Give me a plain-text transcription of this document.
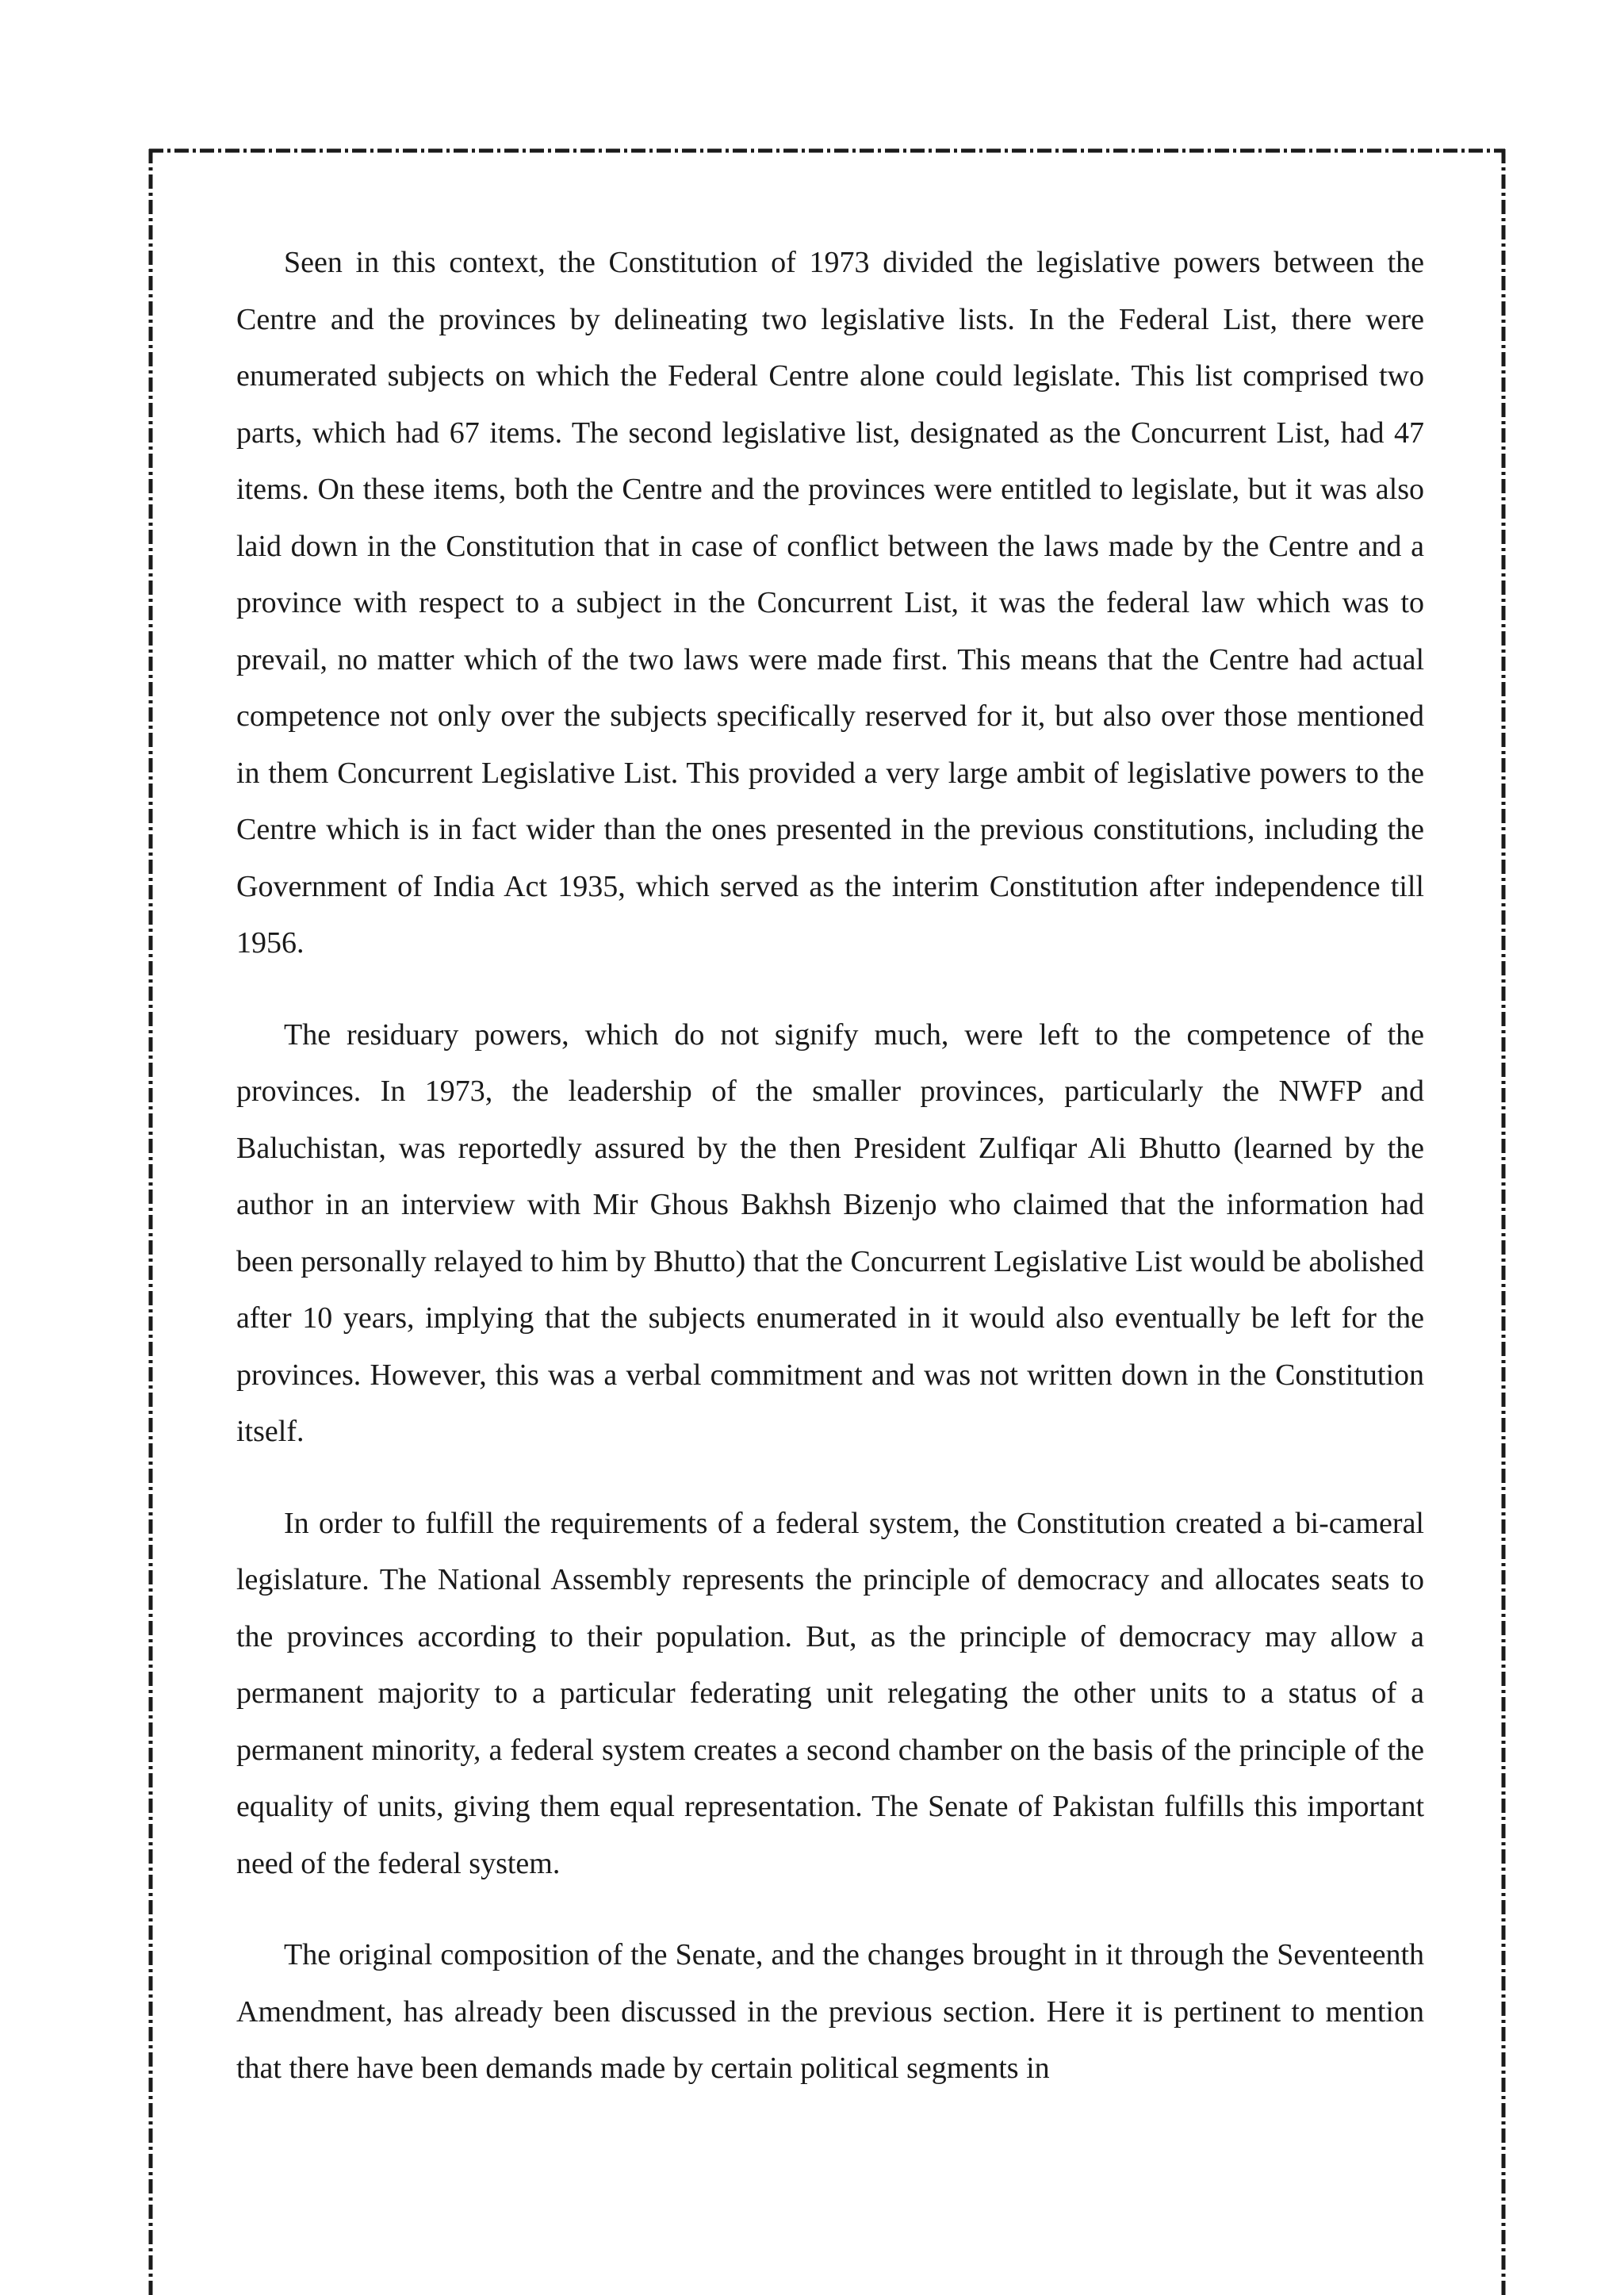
Seen in this context, the Constitution of 1973 divided the legislative powers between the Centre and the provinces by delineating two legislative lists. In the Federal List, there were enumerated subjects on which the Federal Centre alone could legislate. This list comprised two parts, which had 67 items. The second legislative list, designated as the Concurrent List, had 47 items. On these items, both the Centre and the provinces were entitled to legislate, but it was also laid down in the Constitution that in case of conflict between the laws made by the Centre and a province with respect to a subject in the Concurrent List, it was the federal law which was to prevail, no matter which of the two laws were made first. This means that the Centre had actual competence not only over the subjects specifically reserved for it, but also over those mentioned in them Concurrent Legislative List. This provided a very large ambit of legislative powers to the Centre which is in fact wider than the ones presented in the previous constitutions, including the Government of India Act 1935, which served as the interim Constitution after independence till 1956.

The residuary powers, which do not signify much, were left to the competence of the provinces. In 1973, the leadership of the smaller provinces, particularly the NWFP and Baluchistan, was reportedly assured by the then President Zulfiqar Ali Bhutto (learned by the author in an interview with Mir Ghous Bakhsh Bizenjo who claimed that the information had been personally relayed to him by Bhutto) that the Concurrent Legislative List would be abolished after 10 years, implying that the subjects enumerated in it would also eventually be left for the provinces. However, this was a verbal commitment and was not written down in the Constitution itself.

In order to fulfill the requirements of a federal system, the Constitution created a bi-cameral legislature. The National Assembly represents the principle of democracy and allocates seats to the provinces according to their population. But, as the principle of democracy may allow a permanent majority to a particular federating unit relegating the other units to a status of a permanent minority, a federal system creates a second chamber on the basis of the principle of the equality of units, giving them equal representation. The Senate of Pakistan fulfills this important need of the federal system.

The original composition of the Senate, and the changes brought in it through the Seventeenth Amendment, has already been discussed in the previous section. Here it is pertinent to mention that there have been demands made by certain political segments in
